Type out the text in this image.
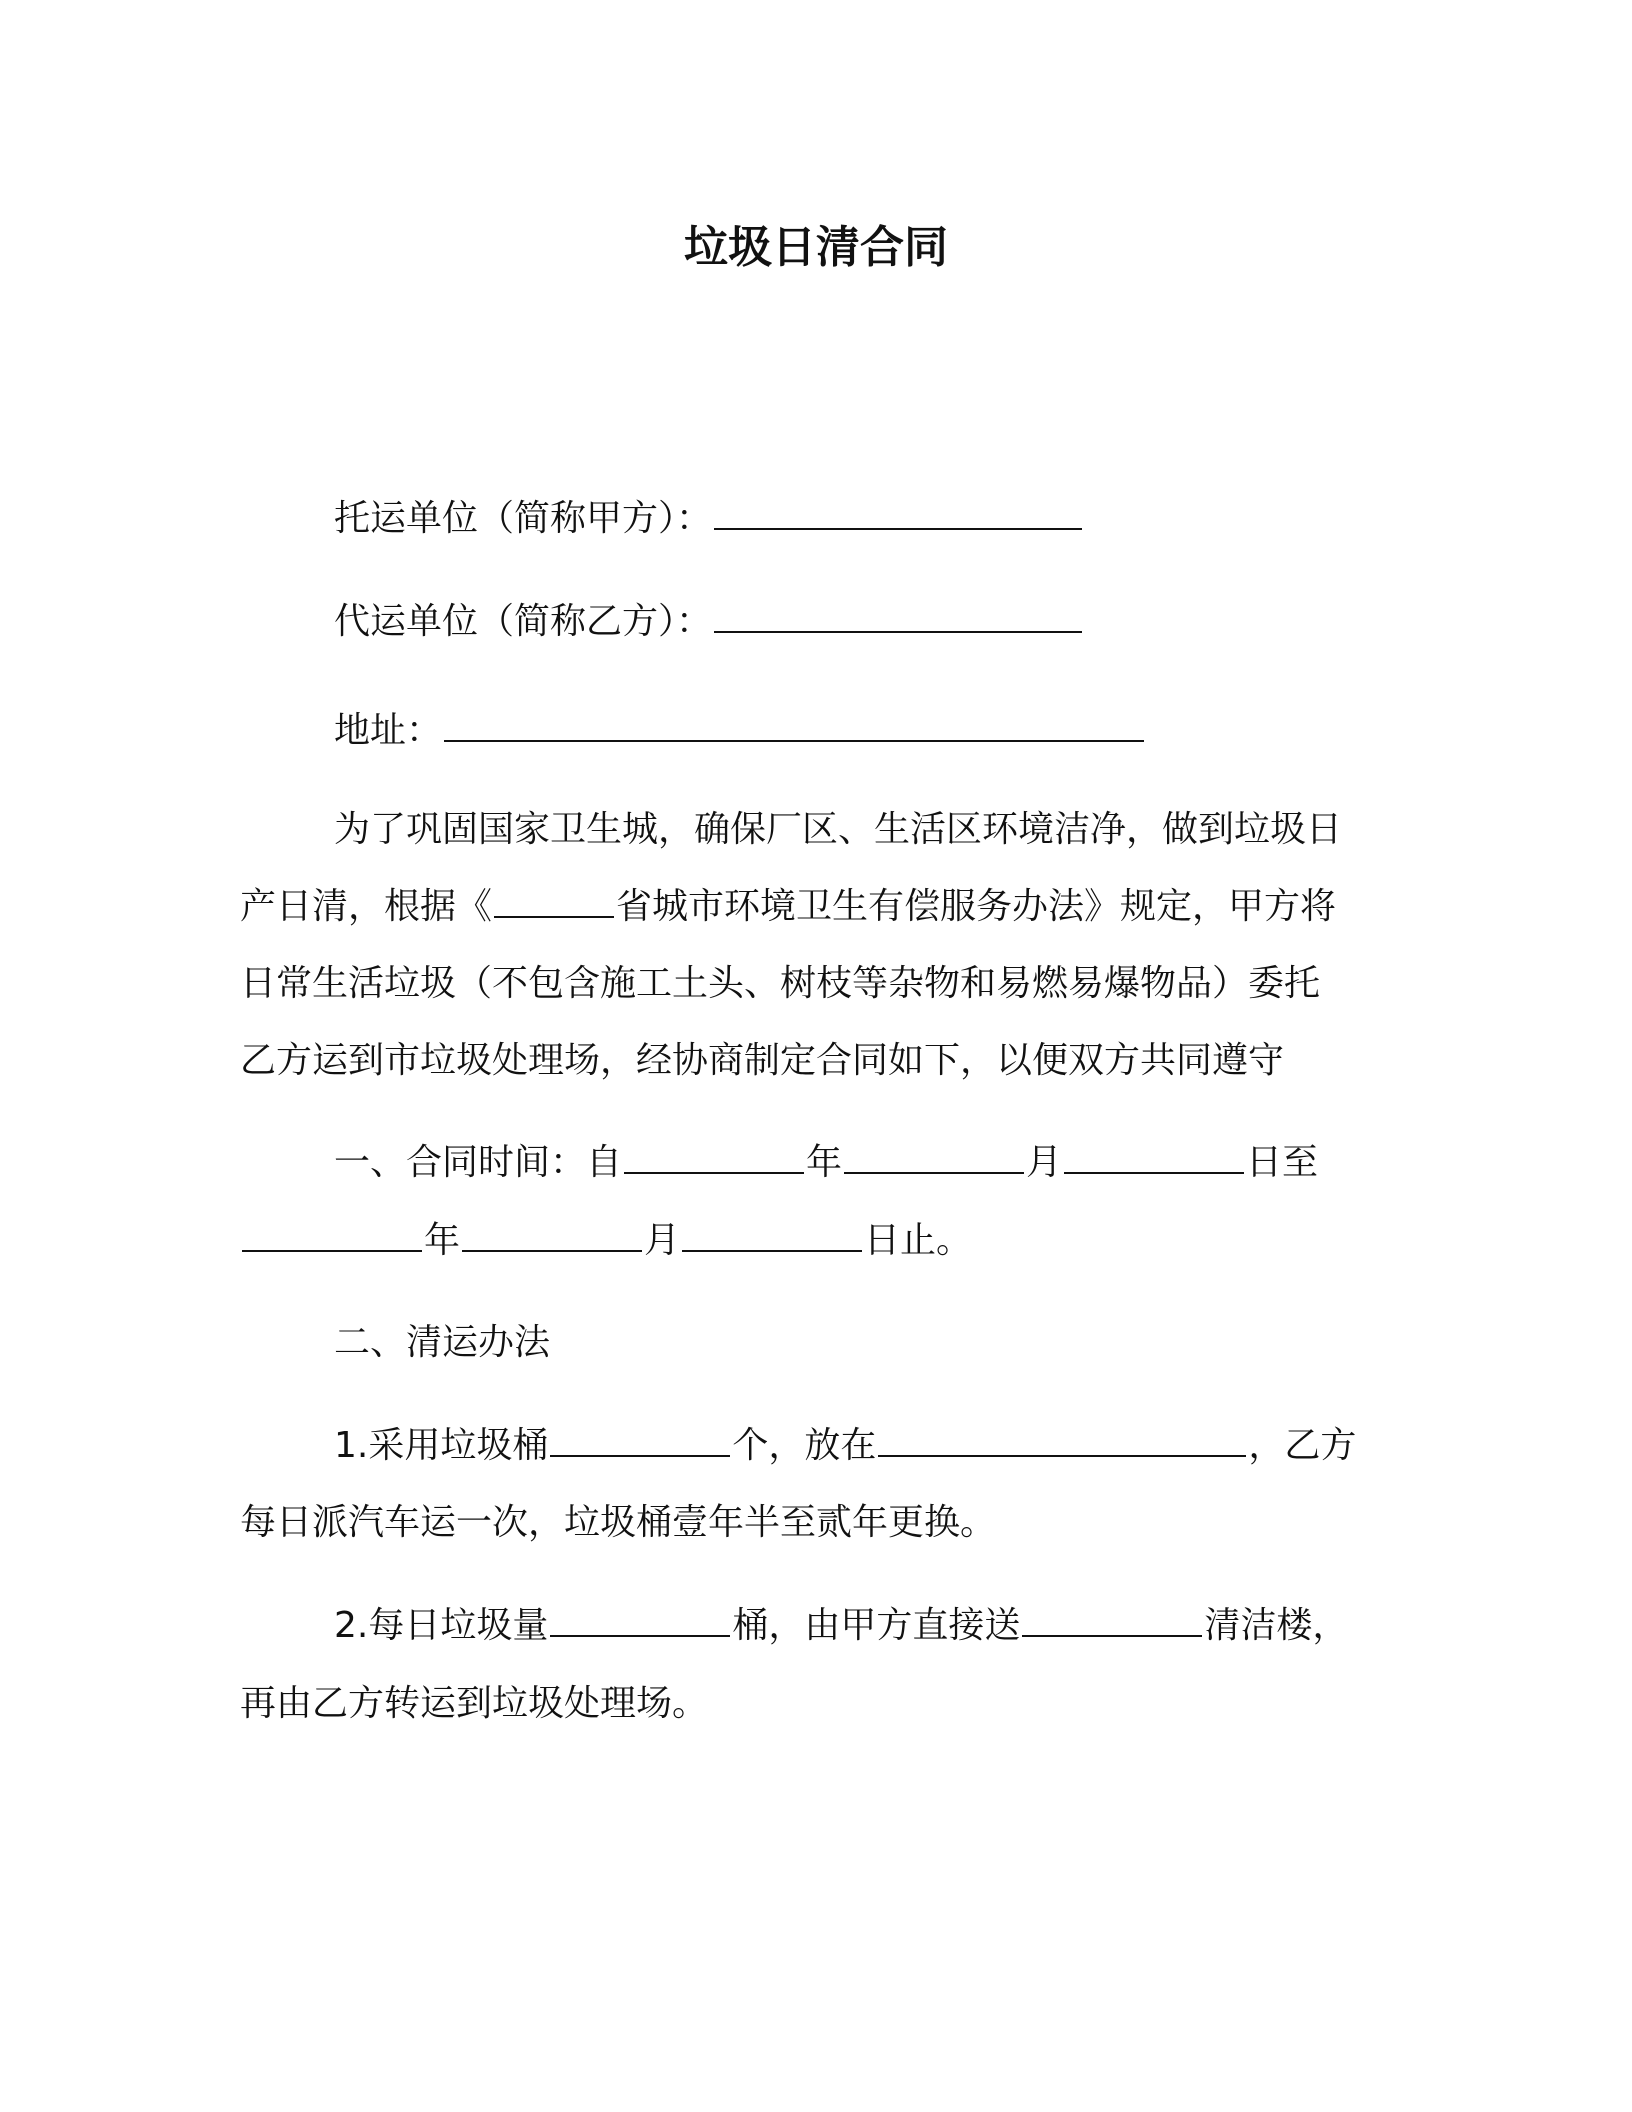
垃圾日清合同
托运单位（简称甲方）：
代运单位（简称乙方）：
地址：
为了巩固国家卫生城，确保厂区、生活区环境洁净，做到垃圾日
产日清，根据《	省城市环境卫生有偿服务办法》规定，甲方将
日常生活垃圾（不包含施工土头、树枝等杂物和易燃易爆物品）委托
乙方运到市垃圾处理场，经协商制定合同如下，以便双方共同遵守
一、合同时间：自	年	月	日至
年	月	日止。
二、清运办法
1.采用垃圾桶	个，放在	，乙方
每日派汽车运一次，垃圾桶壹年半至贰年更换。
2.每日垃圾量	桶，由甲方直接送	清洁楼，
再由乙方转运到垃圾处理场。
